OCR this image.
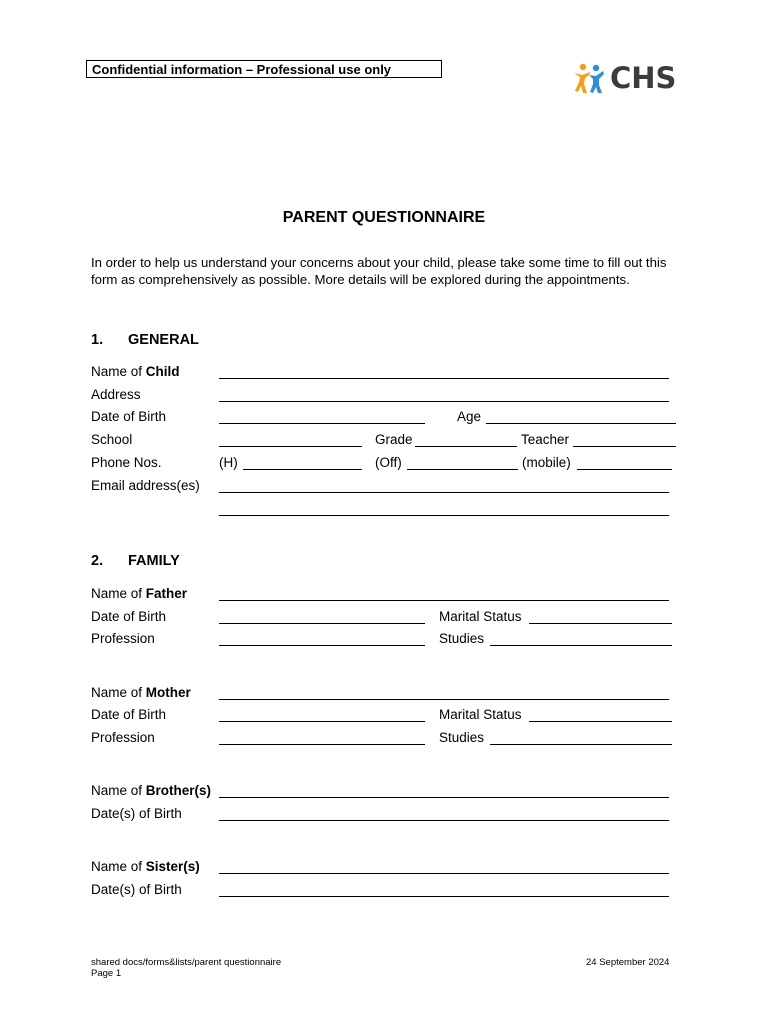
Confidential information – Professional use only	CHS
PARENT QUESTIONNAIRE
In order to help us understand your concerns about your child, please take some time to fill out this form as comprehensively as possible. More details will be explored during the appointments.
1. GENERAL
Name of Child
Address
Date of Birth	Age
School	Grade	Teacher
Phone Nos.	(H)	(Off)	(mobile)
Email address(es)
2. FAMILY
Name of Father
Date of Birth	Marital Status
Profession	Studies
Name of Mother
Date of Birth	Marital Status
Profession	Studies
Name of Brother(s)
Date(s) of Birth
Name of Sister(s)
Date(s) of Birth
shared docs/forms&lists/parent questionnaire
Page 1
24 September 2024
